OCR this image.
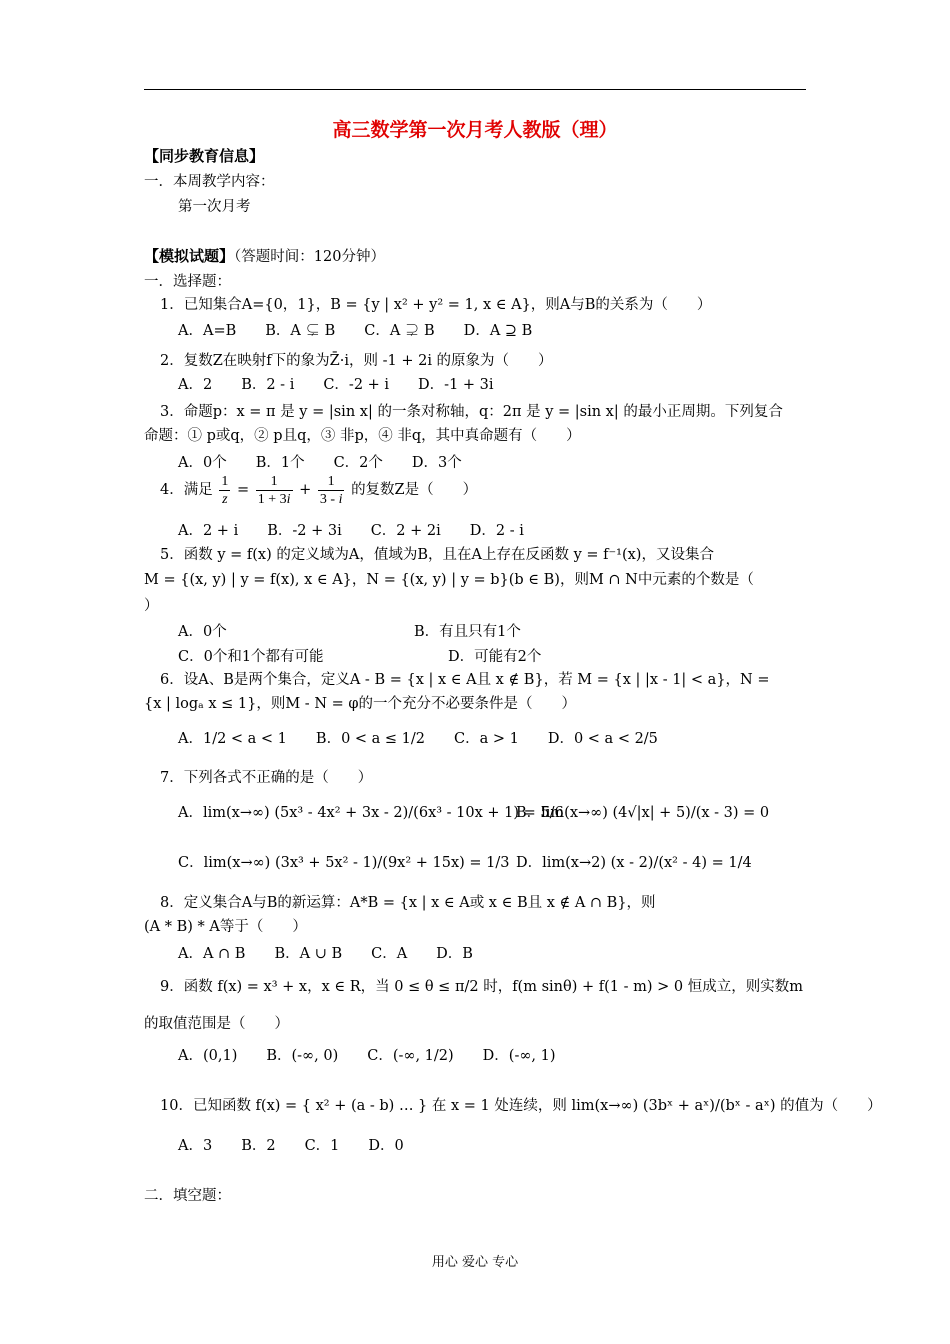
高三数学第一次月考人教版（理）
【同步教育信息】
一．本周教学内容：
第一次月考
【模拟试题】（答题时间：120分钟）
一．选择题：
1．已知集合A={0，1}，B = {y | x² + y² = 1, x ∈ A}，则A与B的关系为（　　）
A．A=B　　B．A ⊊ B　　C．A ⊋ B　　D．A ⊇ B
2．复数Z在映射f下的象为Z̄·i，则 -1 + 2i 的原象为（　　）
A．2　　B．2 - i　　C．-2 + i　　D．-1 + 3i
3．命题p：x = π 是 y = |sin x| 的一条对称轴，q：2π 是 y = |sin x| 的最小正周期。下列复合
命题：① p或q，② p且q，③ 非p，④ 非q，其中真命题有（　　）
A．0个　　B．1个　　C．2个　　D．3个
4．满足 $\frac{1}{z} = \frac{1}{1 + 3i} + \frac{1}{3 - i}$ 的复数Z是（　　）
A．2 + i　　B．-2 + 3i　　C．2 + 2i　　D．2 - i
5．函数 y = f(x) 的定义域为A，值域为B，且在A上存在反函数 y = f⁻¹(x)，又设集合
M = {(x, y) | y = f(x), x ∈ A}，N = {(x, y) | y = b}(b ∈ B)，则M ∩ N中元素的个数是（
）
A．0个	B．有且只有1个
C．0个和1个都有可能	D．可能有2个
6．设A、B是两个集合，定义A - B = {x | x ∈ A且 x ∉ B}，若 M = {x | |x - 1| < a}，N =
{x | logₐ x ≤ 1}，则M - N = φ的一个充分不必要条件是（　　）
A．1/2 < a < 1　　B．0 < a ≤ 1/2　　C．a > 1　　D．0 < a < 2/5
7．下列各式不正确的是（　　）
A．lim(x→∞) (5x³ - 4x² + 3x - 2)/(6x³ - 10x + 1) = 5/6
B．lim(x→∞) (4√|x| + 5)/(x - 3) = 0
C．lim(x→∞) (3x³ + 5x² - 1)/(9x² + 15x) = 1/3 D．lim(x→2) (x - 2)/(x² - 4) = 1/4
8．定义集合A与B的新运算：A*B = {x | x ∈ A或 x ∈ B且 x ∉ A ∩ B}，则
(A * B) * A等于（　　）
A．A ∩ B　　B．A ∪ B　　C．A　　D．B
9．函数 f(x) = x³ + x，x ∈ R，当 0 ≤ θ ≤ π/2 时，f(m sinθ) + f(1 - m) > 0 恒成立，则实数m
的取值范围是（　　）
A．(0,1)　　B．(-∞, 0)　　C．(-∞, 1/2)　　D．(-∞, 1)
10．已知函数 f(x) = { x² + (a - b) … } 在 x = 1 处连续，则 lim(x→∞) (3bˣ + aˣ)/(bˣ - aˣ) 的值为（　　）
A．3　　B．2　　C．1　　D．0
二．填空题：
用心 爱心 专心
